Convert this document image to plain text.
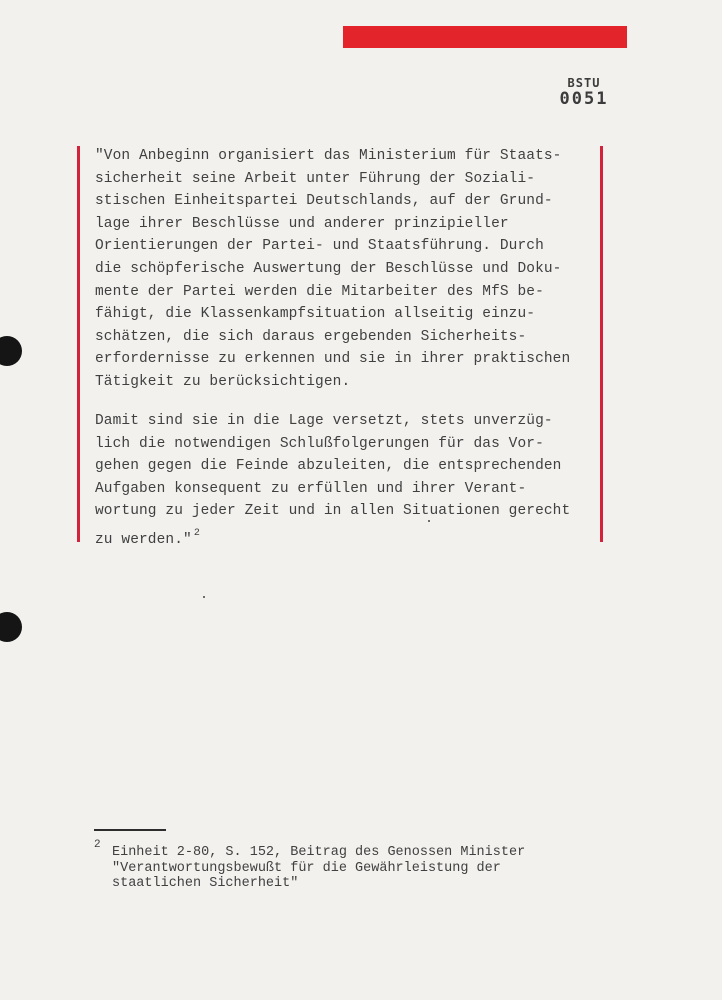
BSTU
0051
"Von Anbeginn organisiert das Ministerium für Staats-
sicherheit seine Arbeit unter Führung der Soziali-
stischen Einheitspartei Deutschlands, auf der Grund-
lage ihrer Beschlüsse und anderer prinzipieller
Orientierungen der Partei- und Staatsführung. Durch
die schöpferische Auswertung der Beschlüsse und Doku-
mente der Partei werden die Mitarbeiter des MfS be-
fähigt, die Klassenkampfsituation allseitig einzu-
schätzen, die sich daraus ergebenden Sicherheits-
erfordernisse zu erkennen und sie in ihrer praktischen
Tätigkeit zu berücksichtigen.
Damit sind sie in die Lage versetzt, stets unverzüg-
lich die notwendigen Schlußfolgerungen für das Vor-
gehen gegen die Feinde abzuleiten, die entsprechenden
Aufgaben konsequent zu erfüllen und ihrer Verant-
wortung zu jeder Zeit und in allen Situationen gerecht
zu werden." $^2$
2 Einheit 2-80, S. 152, Beitrag des Genossen Minister
"Verantwortungsbewußt für die Gewährleistung der
staatlichen Sicherheit"
